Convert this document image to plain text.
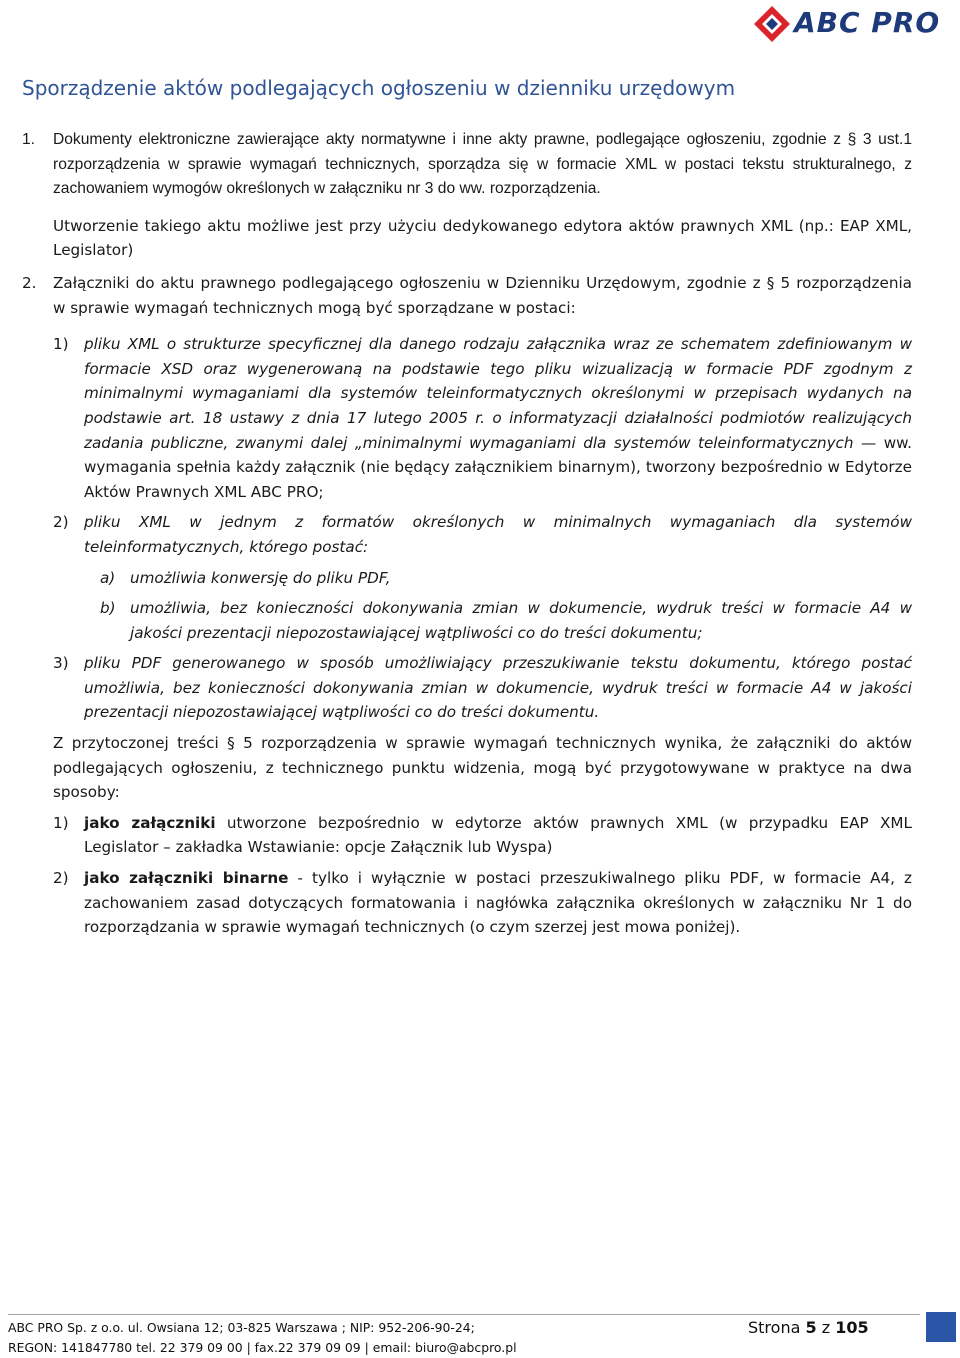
ABC PRO
Sporządzenie aktów podlegających ogłoszeniu w dzienniku urzędowym
1. Dokumenty elektroniczne zawierające akty normatywne i inne akty prawne, podlegające ogłoszeniu, zgodnie z § 3 ust.1 rozporządzenia w sprawie wymagań technicznych, sporządza się w formacie XML w postaci tekstu strukturalnego, z zachowaniem wymogów określonych w załączniku nr 3 do ww. rozporządzenia.

Utworzenie takiego aktu możliwe jest przy użyciu dedykowanego edytora aktów prawnych XML (np.: EAP XML, Legislator)

2. Załączniki do aktu prawnego podlegającego ogłoszeniu w Dzienniku Urzędowym, zgodnie z § 5 rozporządzenia w sprawie wymagań technicznych mogą być sporządzane w postaci:

1) pliku XML o strukturze specyficznej dla danego rodzaju załącznika wraz ze schematem zdefiniowanym w formacie XSD oraz wygenerowaną na podstawie tego pliku wizualizacją w formacie PDF zgodnym z minimalnymi wymaganiami dla systemów teleinformatycznych określonymi w przepisach wydanych na podstawie art. 18 ustawy z dnia 17 lutego 2005 r. o informatyzacji działalności podmiotów realizujących zadania publiczne, zwanymi dalej „minimalnymi wymaganiami dla systemów teleinformatycznych — ww. wymagania spełnia każdy załącznik (nie będący załącznikiem binarnym), tworzony bezpośrednio w Edytorze Aktów Prawnych XML ABC PRO;

2) pliku XML w jednym z formatów określonych w minimalnych wymaganiach dla systemów teleinformatycznych, którego postać:

a) umożliwia konwersję do pliku PDF,

b) umożliwia, bez konieczności dokonywania zmian w dokumencie, wydruk treści w formacie A4 w jakości prezentacji niepozostawiającej wątpliwości co do treści dokumentu;

3) pliku PDF generowanego w sposób umożliwiający przeszukiwanie tekstu dokumentu, którego postać umożliwia, bez konieczności dokonywania zmian w dokumencie, wydruk treści w formacie A4 w jakości prezentacji niepozostawiającej wątpliwości co do treści dokumentu.

Z przytoczonej treści § 5 rozporządzenia w sprawie wymagań technicznych wynika, że załączniki do aktów podlegających ogłoszeniu, z technicznego punktu widzenia, mogą być przygotowywane w praktyce na dwa sposoby:

1) jako załączniki utworzone bezpośrednio w edytorze aktów prawnych XML (w przypadku EAP XML Legislator – zakładka Wstawianie: opcje Załącznik lub Wyspa)

2) jako załączniki binarne - tylko i wyłącznie w postaci przeszukiwalnego pliku PDF, w formacie A4, z zachowaniem zasad dotyczących formatowania i nagłówka załącznika określonych w załączniku Nr 1 do rozporządzania w sprawie wymagań technicznych (o czym szerzej jest mowa poniżej).

ABC PRO Sp. z o.o. ul. Owsiana 12; 03-825 Warszawa ; NIP: 952-206-90-24;
REGON: 141847780 tel. 22 379 09 00 | fax.22 379 09 09 | email: biuro@abcpro.pl
Strona 5 z 105
